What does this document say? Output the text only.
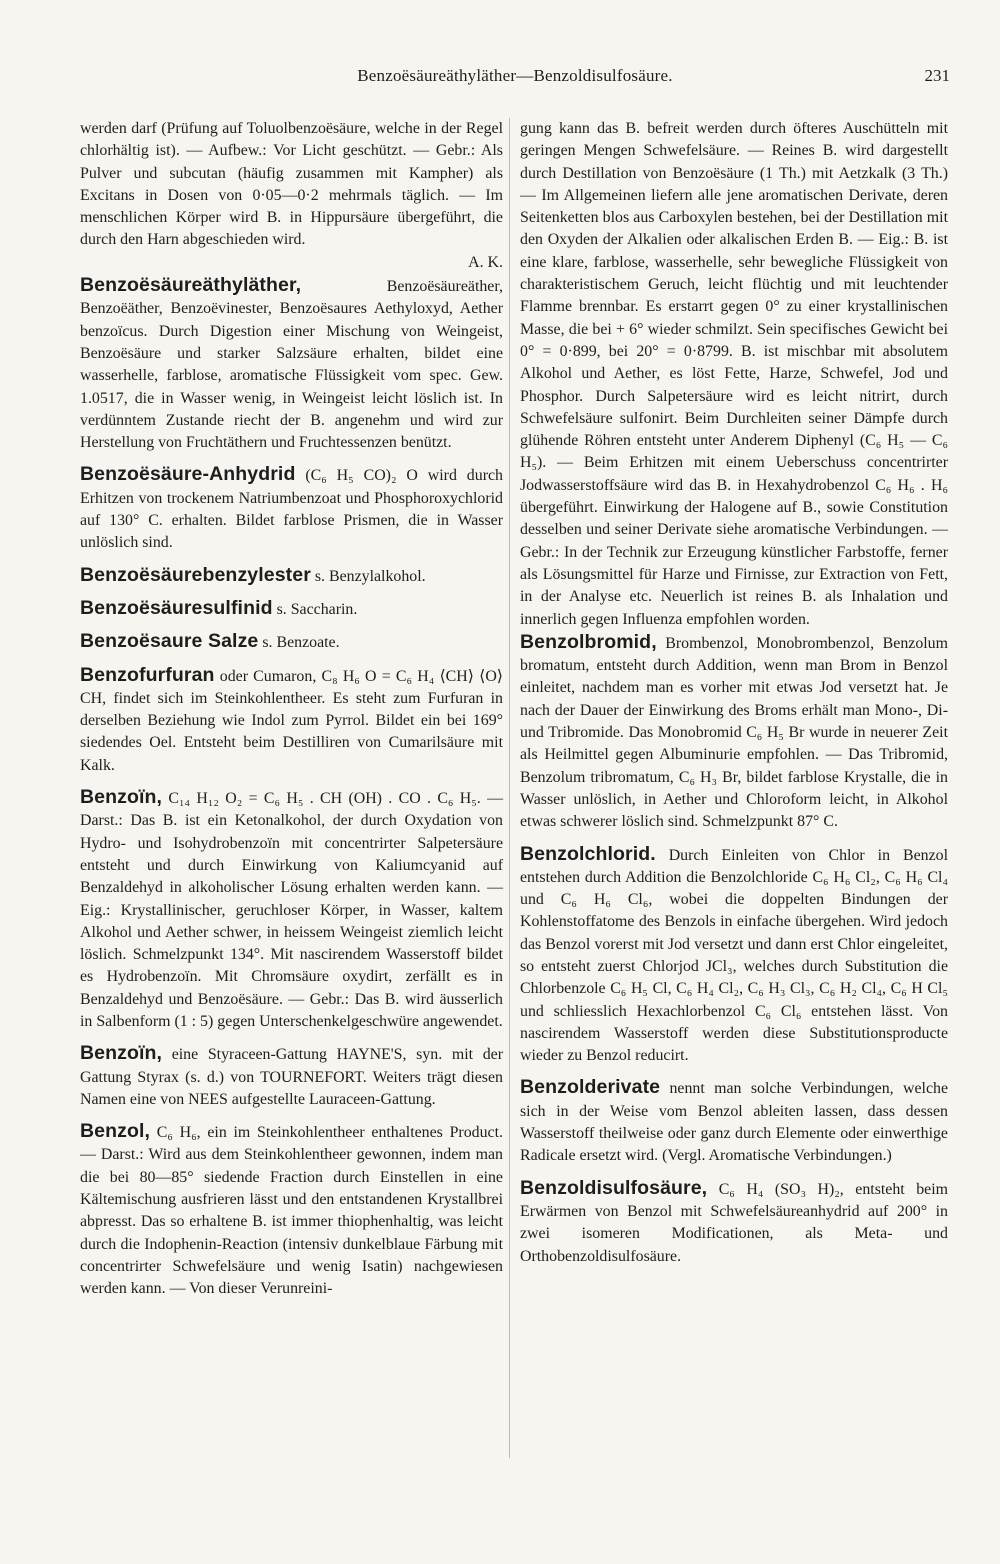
Benzoësäureäthyläther—Benzoldisulfosäure.	231

werden darf (Prüfung auf Toluolbenzoësäure, welche in der Regel chlorhältig ist). — Aufbew.: Vor Licht geschützt. — Gebr.: Als Pulver und subcutan (häufig zusammen mit Kampher) als Excitans in Dosen von 0·05—0·2 mehrmals täglich. — Im menschlichen Körper wird B. in Hippursäure übergeführt, die durch den Harn abgeschieden wird.

A. K.

Benzoësäureäthyläther, Benzoësäureäther, Benzoëäther, Benzoëvinester, Benzoësaures Aethyloxyd, Aether benzoïcus. Durch Digestion einer Mischung von Weingeist, Benzoësäure und starker Salzsäure erhalten, bildet eine wasserhelle, farblose, aromatische Flüssigkeit vom spec. Gew. 1.0517, die in Wasser wenig, in Weingeist leicht löslich ist. In verdünntem Zustande riecht der B. angenehm und wird zur Herstellung von Fruchtäthern und Fruchtessenzen benützt.

Benzoësäure-Anhydrid (C₆ H₅ CO)₂ O wird durch Erhitzen von trockenem Natriumbenzoat und Phosphoroxychlorid auf 130° C. erhalten. Bildet farblose Prismen, die in Wasser unlöslich sind.

Benzoësäurebenzylester s. Benzylalkohol.

Benzoësäuresulfinid s. Saccharin.

Benzoësaure Salze s. Benzoate.

Benzofurfuran oder Cumaron, C₈ H₆ O = C₆ H₄ ⟨CH⟩ ⟨O⟩ CH, findet sich im Steinkohlentheer. Es steht zum Furfuran in derselben Beziehung wie Indol zum Pyrrol. Bildet ein bei 169° siedendes Oel. Entsteht beim Destilliren von Cumarilsäure mit Kalk.

Benzoïn, C₁₄ H₁₂ O₂ = C₆ H₅ . CH (OH) . CO . C₆ H₅. — Darst.: Das B. ist ein Ketonalkohol, der durch Oxydation von Hydro- und Isohydrobenzoïn mit concentrirter Salpetersäure entsteht und durch Einwirkung von Kaliumcyanid auf Benzaldehyd in alkoholischer Lösung erhalten werden kann. — Eig.: Krystallinischer, geruchloser Körper, in Wasser, kaltem Alkohol und Aether schwer, in heissem Weingeist ziemlich leicht löslich. Schmelzpunkt 134°. Mit nascirendem Wasserstoff bildet es Hydrobenzoïn. Mit Chromsäure oxydirt, zerfällt es in Benzaldehyd und Benzoësäure. — Gebr.: Das B. wird äusserlich in Salbenform (1 : 5) gegen Unterschenkelgeschwüre angewendet.

Benzoïn, eine Styraceen-Gattung HAYNE'S, syn. mit der Gattung Styrax (s. d.) von TOURNEFORT. Weiters trägt diesen Namen eine von NEES aufgestellte Lauraceen-Gattung.

Benzol, C₆ H₆, ein im Steinkohlentheer enthaltenes Product. — Darst.: Wird aus dem Steinkohlentheer gewonnen, indem man die bei 80—85° siedende Fraction durch Einstellen in eine Kältemischung ausfrieren lässt und den entstandenen Krystallbrei abpresst. Das so erhaltene B. ist immer thiophenhaltig, was leicht durch die Indophenin-Reaction (intensiv dunkelblaue Färbung mit concentrirter Schwefelsäure und wenig Isatin) nachgewiesen werden kann. — Von dieser Verunreini-

gung kann das B. befreit werden durch öfteres Auschütteln mit geringen Mengen Schwefelsäure. — Reines B. wird dargestellt durch Destillation von Benzoësäure (1 Th.) mit Aetzkalk (3 Th.) — Im Allgemeinen liefern alle jene aromatischen Derivate, deren Seitenketten blos aus Carboxylen bestehen, bei der Destillation mit den Oxyden der Alkalien oder alkalischen Erden B. — Eig.: B. ist eine klare, farblose, wasserhelle, sehr bewegliche Flüssigkeit von charakteristischem Geruch, leicht flüchtig und mit leuchtender Flamme brennbar. Es erstarrt gegen 0° zu einer krystallinischen Masse, die bei + 6° wieder schmilzt. Sein specifisches Gewicht bei 0° = 0·899, bei 20° = 0·8799. B. ist mischbar mit absolutem Alkohol und Aether, es löst Fette, Harze, Schwefel, Jod und Phosphor. Durch Salpetersäure wird es leicht nitrirt, durch Schwefelsäure sulfonirt. Beim Durchleiten seiner Dämpfe durch glühende Röhren entsteht unter Anderem Diphenyl (C₆ H₅ — C₆ H₅). — Beim Erhitzen mit einem Ueberschuss concentrirter Jodwasserstoffsäure wird das B. in Hexahydrobenzol C₆ H₆ . H₆ übergeführt. Einwirkung der Halogene auf B., sowie Constitution desselben und seiner Derivate siehe aromatische Verbindungen. — Gebr.: In der Technik zur Erzeugung künstlicher Farbstoffe, ferner als Lösungsmittel für Harze und Firnisse, zur Extraction von Fett, in der Analyse etc. Neuerlich ist reines B. als Inhalation und innerlich gegen Influenza empfohlen worden.

Benzolbromid, Brombenzol, Monobrombenzol, Benzolum bromatum, entsteht durch Addition, wenn man Brom in Benzol einleitet, nachdem man es vorher mit etwas Jod versetzt hat. Je nach der Dauer der Einwirkung des Broms erhält man Mono-, Di- und Tribromide. Das Monobromid C₆ H₅ Br wurde in neuerer Zeit als Heilmittel gegen Albuminurie empfohlen. — Das Tribromid, Benzolum tribromatum, C₆ H₃ Br, bildet farblose Krystalle, die in Wasser unlöslich, in Aether und Chloroform leicht, in Alkohol etwas schwerer löslich sind. Schmelzpunkt 87° C.

Benzolchlorid. Durch Einleiten von Chlor in Benzol entstehen durch Addition die Benzolchloride C₆ H₆ Cl₂, C₆ H₆ Cl₄ und C₆ H₆ Cl₆, wobei die doppelten Bindungen der Kohlenstoffatome des Benzols in einfache übergehen. Wird jedoch das Benzol vorerst mit Jod versetzt und dann erst Chlor eingeleitet, so entsteht zuerst Chlorjod JCl₃, welches durch Substitution die Chlorbenzole C₆ H₅ Cl, C₆ H₄ Cl₂, C₆ H₃ Cl₃, C₆ H₂ Cl₄, C₆ H Cl₅ und schliesslich Hexachlorbenzol C₆ Cl₆ entstehen lässt. Von nascirendem Wasserstoff werden diese Substitutionsproducte wieder zu Benzol reducirt.

Benzolderivate nennt man solche Verbindungen, welche sich in der Weise vom Benzol ableiten lassen, dass dessen Wasserstoff theilweise oder ganz durch Elemente oder einwerthige Radicale ersetzt wird. (Vergl. Aromatische Verbindungen.)

Benzoldisulfosäure, C₆ H₄ (SO₃ H)₂, entsteht beim Erwärmen von Benzol mit Schwefelsäureanhydrid auf 200° in zwei isomeren Modificationen, als Meta- und Orthobenzoldisulfosäure.
